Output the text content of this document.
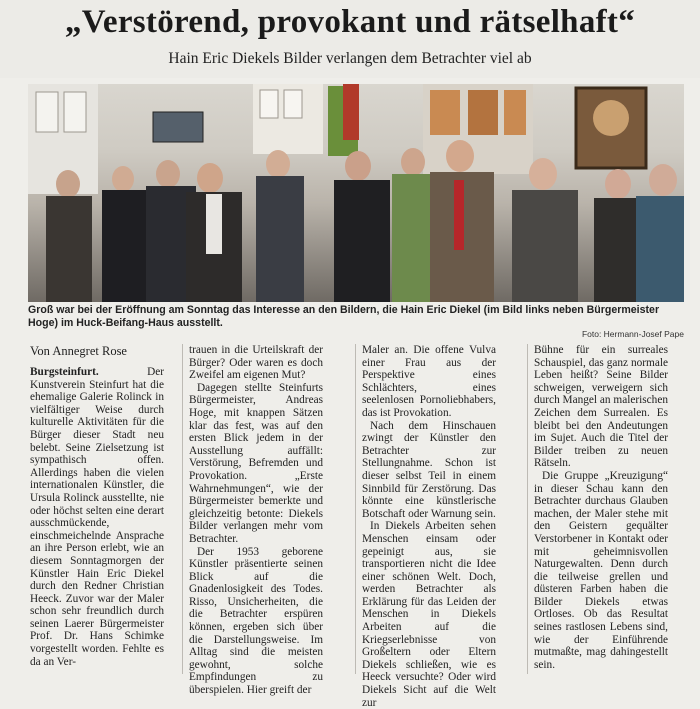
„Verstörend, provokant und rätselhaft“
Hain Eric Diekels Bilder verlangen dem Betrachter viel ab
Groß war bei der Eröffnung am Sonntag das Interesse an den Bildern, die Hain Eric Diekel (im Bild links neben Bürgermeister Hoge) im Huck-Beifang-Haus ausstellt.
Foto: Hermann-Josef Pape
Von Annegret Rose

Burgsteinfurt.	Der Kunstverein Steinfurt hat die ehemalige Galerie Rolinck in vielfältiger Weise durch kulturelle Aktivitäten für die Bürger dieser Stadt neu belebt. Seine Zielsetzung ist sympathisch offen. Allerdings haben die vielen internationalen Künstler, die Ursula Rolinck ausstellte, nie oder höchst selten eine derart ausschmückende, einschmeichelnde Ansprache an ihre Person erlebt, wie an diesem Sonntagmorgen der Künstler Hain Eric Diekel durch den Redner Christian Heeck. Zuvor war der Maler schon sehr freundlich durch seinen Laerer Bürgermeister Prof. Dr. Hans Schimke vorgestellt worden. Fehlte es da an Ver-

trauen in die Urteilskraft der Bürger? Oder waren es doch Zweifel am eigenen Mut?

Dagegen stellte Steinfurts Bürgermeister, Andreas Hoge, mit knappen Sätzen klar das fest, was auf den ersten Blick jedem in der Ausstellung auffällt: Verstörung, Befremden und Provokation. „Erste Wahrnehmungen“, wie der Bürgermeister bemerkte und gleichzeitig betonte: Diekels Bilder verlangen mehr vom Betrachter.

Der 1953 geborene Künstler präsentierte seinen Blick auf die Gnadenlosigkeit des Todes. Risso, Unsicherheiten, die die Betrachter erspüren können, ergeben sich über die Darstellungsweise. Im Alltag sind die meisten gewohnt, solche Empfindungen zu überspielen. Hier greift der

Maler an. Die offene Vulva einer Frau aus der Perspektive eines Schlächters, eines seelenlosen Pornoliebhabers, das ist Provokation.

Nach dem Hinschauen zwingt der Künstler den Betrachter zur Stellungnahme. Schon ist dieser selbst Teil in einem Sinnbild für Zerstörung. Das könnte eine künstlerische Botschaft oder Warnung sein.

In Diekels Arbeiten sehen Menschen einsam oder gepeinigt aus, sie transportieren nicht die Idee einer schönen Welt. Doch, werden Betrachter als Erklärung für das Leiden der Menschen in Diekels Arbeiten auf die Kriegserlebnisse von Großeltern oder Eltern Diekels schließen, wie es Heeck versuchte? Oder wird Diekels Sicht auf die Welt zur

Bühne für ein surreales Schauspiel, das ganz normale Leben heißt? Seine Bilder schweigen, verweigern sich durch Mangel an malerischen Zeichen dem Surrealen. Es bleibt bei den Andeutungen im Sujet. Auch die Titel der Bilder treiben zu neuen Rätseln.

Die Gruppe „Kreuzigung“ in dieser Schau kann den Betrachter durchaus Glauben machen, der Maler stehe mit den Geistern gequälter Verstorbener in Kontakt oder mit geheimnisvollen Naturgewalten. Denn durch die teilweise grellen und düsteren Farben haben die Bilder Diekels etwas Ortloses. Ob das Resultat seines rastlosen Lebens sind, wie der Einführende mutmaßte, mag dahingestellt sein.
